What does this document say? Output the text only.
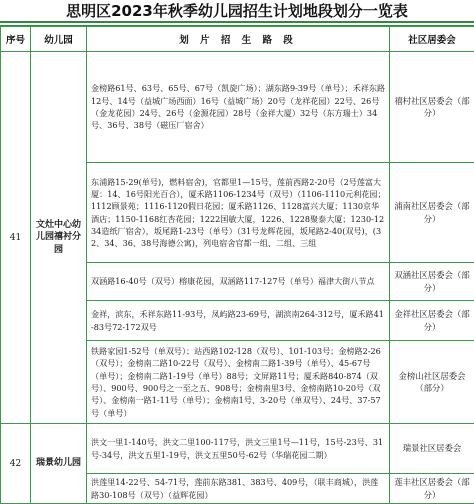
思明区2023年秋季幼儿园招生计划地段划分一览表
序号	幼儿园	划 片 招 生 路 段	社区居委会
41	文灶中心幼儿园禧衬分园	金榜路61号、63号、65号、67号（凯旋广场）；湖东路9-39号（单号）；禾祥东路12号、14号（益城广场西面）16号（益城广场）20号（龙祥花园）22号、26号（金龙花园）24号、26号（金源花园）28号（金祥大厦）32号（东方瑞士）34号、36号、38号（磁压厂宿舍）	禧村社区居委会（部分）
		东浦路15-29(单号)，燃料宿舍)，官都里1—15号，莲前西路2-20号（2号莲富大厦：14、16号阳光百合），厦禾路1106-1234号（双号）（1106-1110元利花园；1112顾景苑；1116-1120假日花园；厦禾路1126、1128富兴大厦；1130京华酒店；1150-1168红杏花园；1222国敏大厦，1226、1228聚泰大厦；1230-1234造纸厂宿舍），坂尾路1-23号（单号）（31号龙辉花园，坂尾路2-40(双号)，(32、34、36、38号海德公寓)，列电宿舍官都一组、二组、三组	浦南社区居委会（部分）
		双涵路16-40号（双号）榕康花园，双涵路117-127号（单号）福津大街八节点	双涵社区居委会（部分）
		金祥，滨东，禾祥东路11-93号，凤屿路23-69号，湖滨南264-312号，厦禾路41-83号72-172双号	金祥社区居委会（部分）
		铁路家园1-52号（单双号）；站西路102-128（双号）、101-103号；金榜路2-26（双号）；金榜南二路10-22号（双号）、金榜南二路1-39号（单号）、45-67号（单号）；金榜南二路1-19号（单号）88号；文屏路11号；厦禾路840-874（双号）、900号、900号之一至之五、908号；金榜南里3号、金榜南路10-20号（双号）、金榜南一路1-11号（单号）；金榜南1号、3-20号（单双号）、24号、37-57号（单号）	金榜山社区居委会（部分）
42	瑞景幼儿园	洪文一里1-140号，洪文二里100-117号，洪文三里1号—11号，15号-23号、31号-34号，洪文五里1-19号，洪文五里50号-62号（华瑞花园二期）	瑞景社区居委会
		洪莲里14-22号、54-71号，莲前东路381、383号、409号，（联丰商城），洪莲路30-108号（双号）（益辉花园）	莲丰社区居委会（部分）
